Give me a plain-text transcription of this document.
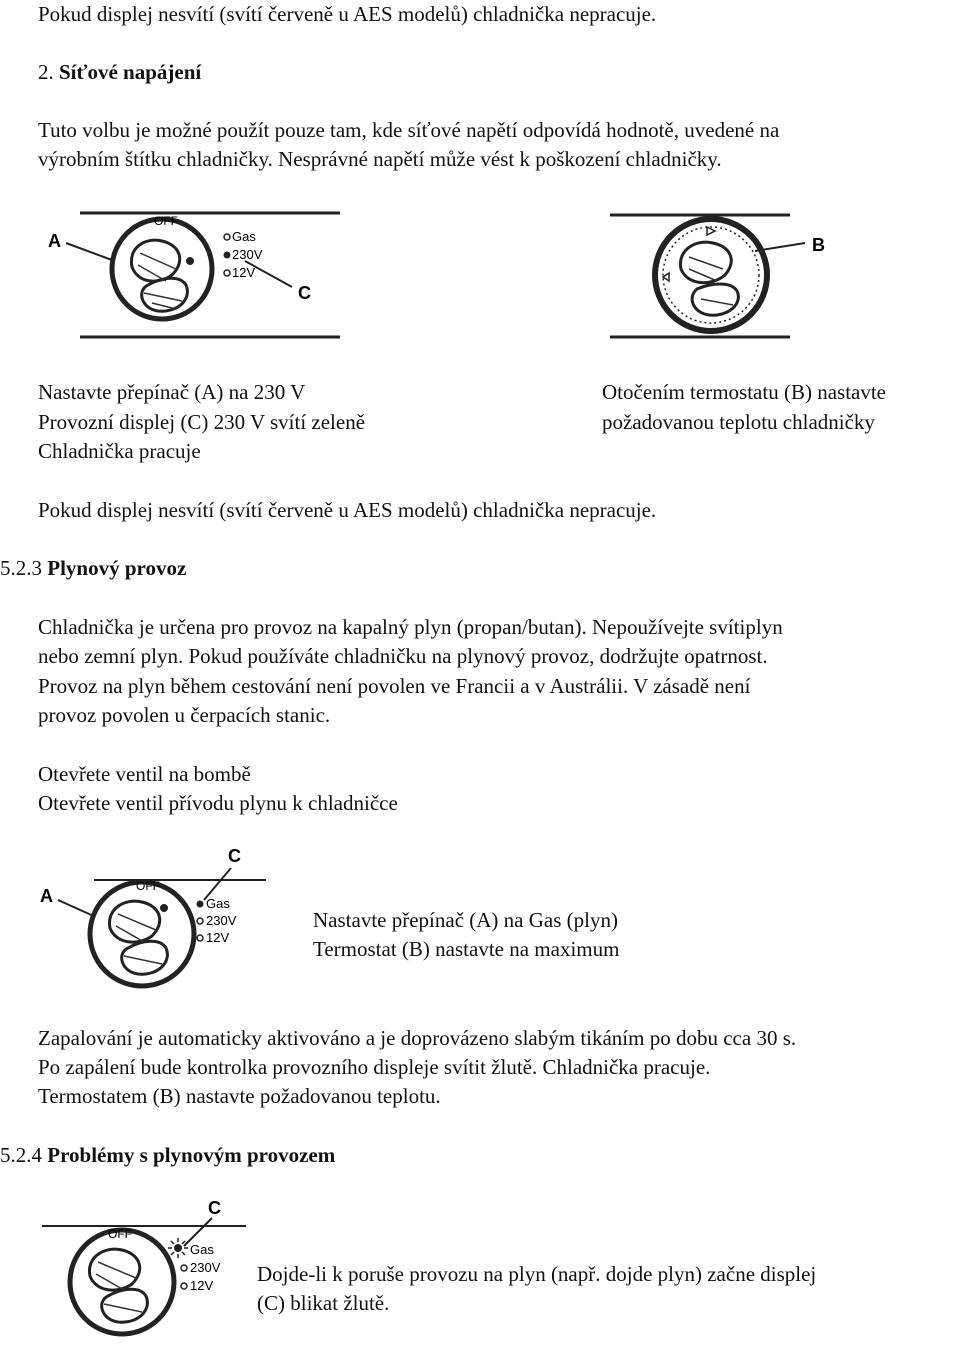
Pokud displej nesvítí (svítí červeně u AES modelů) chladnička nepracuje.

2. Síťové napájení

Tuto volbu je možné použít pouze tam, kde síťové napětí odpovídá hodnotě, uvedené na

výrobním štítku chladničky. Nesprávné napětí může vést k poškození chladničky.

A
OFF
Gas
230V
12V
C
B

Nastavte přepínač (A) na 230 V

Provozní displej (C) 230 V svítí zeleně

Chladnička pracuje

Otočením termostatu (B) nastavte

požadovanou teplotu chladničky

Pokud displej nesvítí (svítí červeně u AES modelů) chladnička nepracuje.

5.2.3 Plynový provoz

Chladnička je určena pro provoz na kapalný plyn (propan/butan). Nepoužívejte svítiplyn

nebo zemní plyn. Pokud používáte chladničku na plynový provoz, dodržujte opatrnost.

Provoz na plyn během cestování není povolen ve Francii a v Austrálii. V zásadě není

provoz povolen u čerpacích stanic.

Otevřete ventil na bombě

Otevřete ventil přívodu plynu k chladničce

C
A	OFF
Gas
230V
12V

Nastavte přepínač (A) na Gas (plyn)

Termostat (B) nastavte na maximum

Zapalování je automaticky aktivováno a je doprovázeno slabým tikáním po dobu cca 30 s.

Po zapálení bude kontrolka provozního displeje svítit žlutě. Chladnička pracuje.

Termostatem (B) nastavte požadovanou teplotu.

5.2.4 Problémy s plynovým provozem

C
OFF
Gas
230V
12V Dojde-li k poruše provozu na plyn (např. dojde plyn) začne displej

(C) blikat žlutě.
